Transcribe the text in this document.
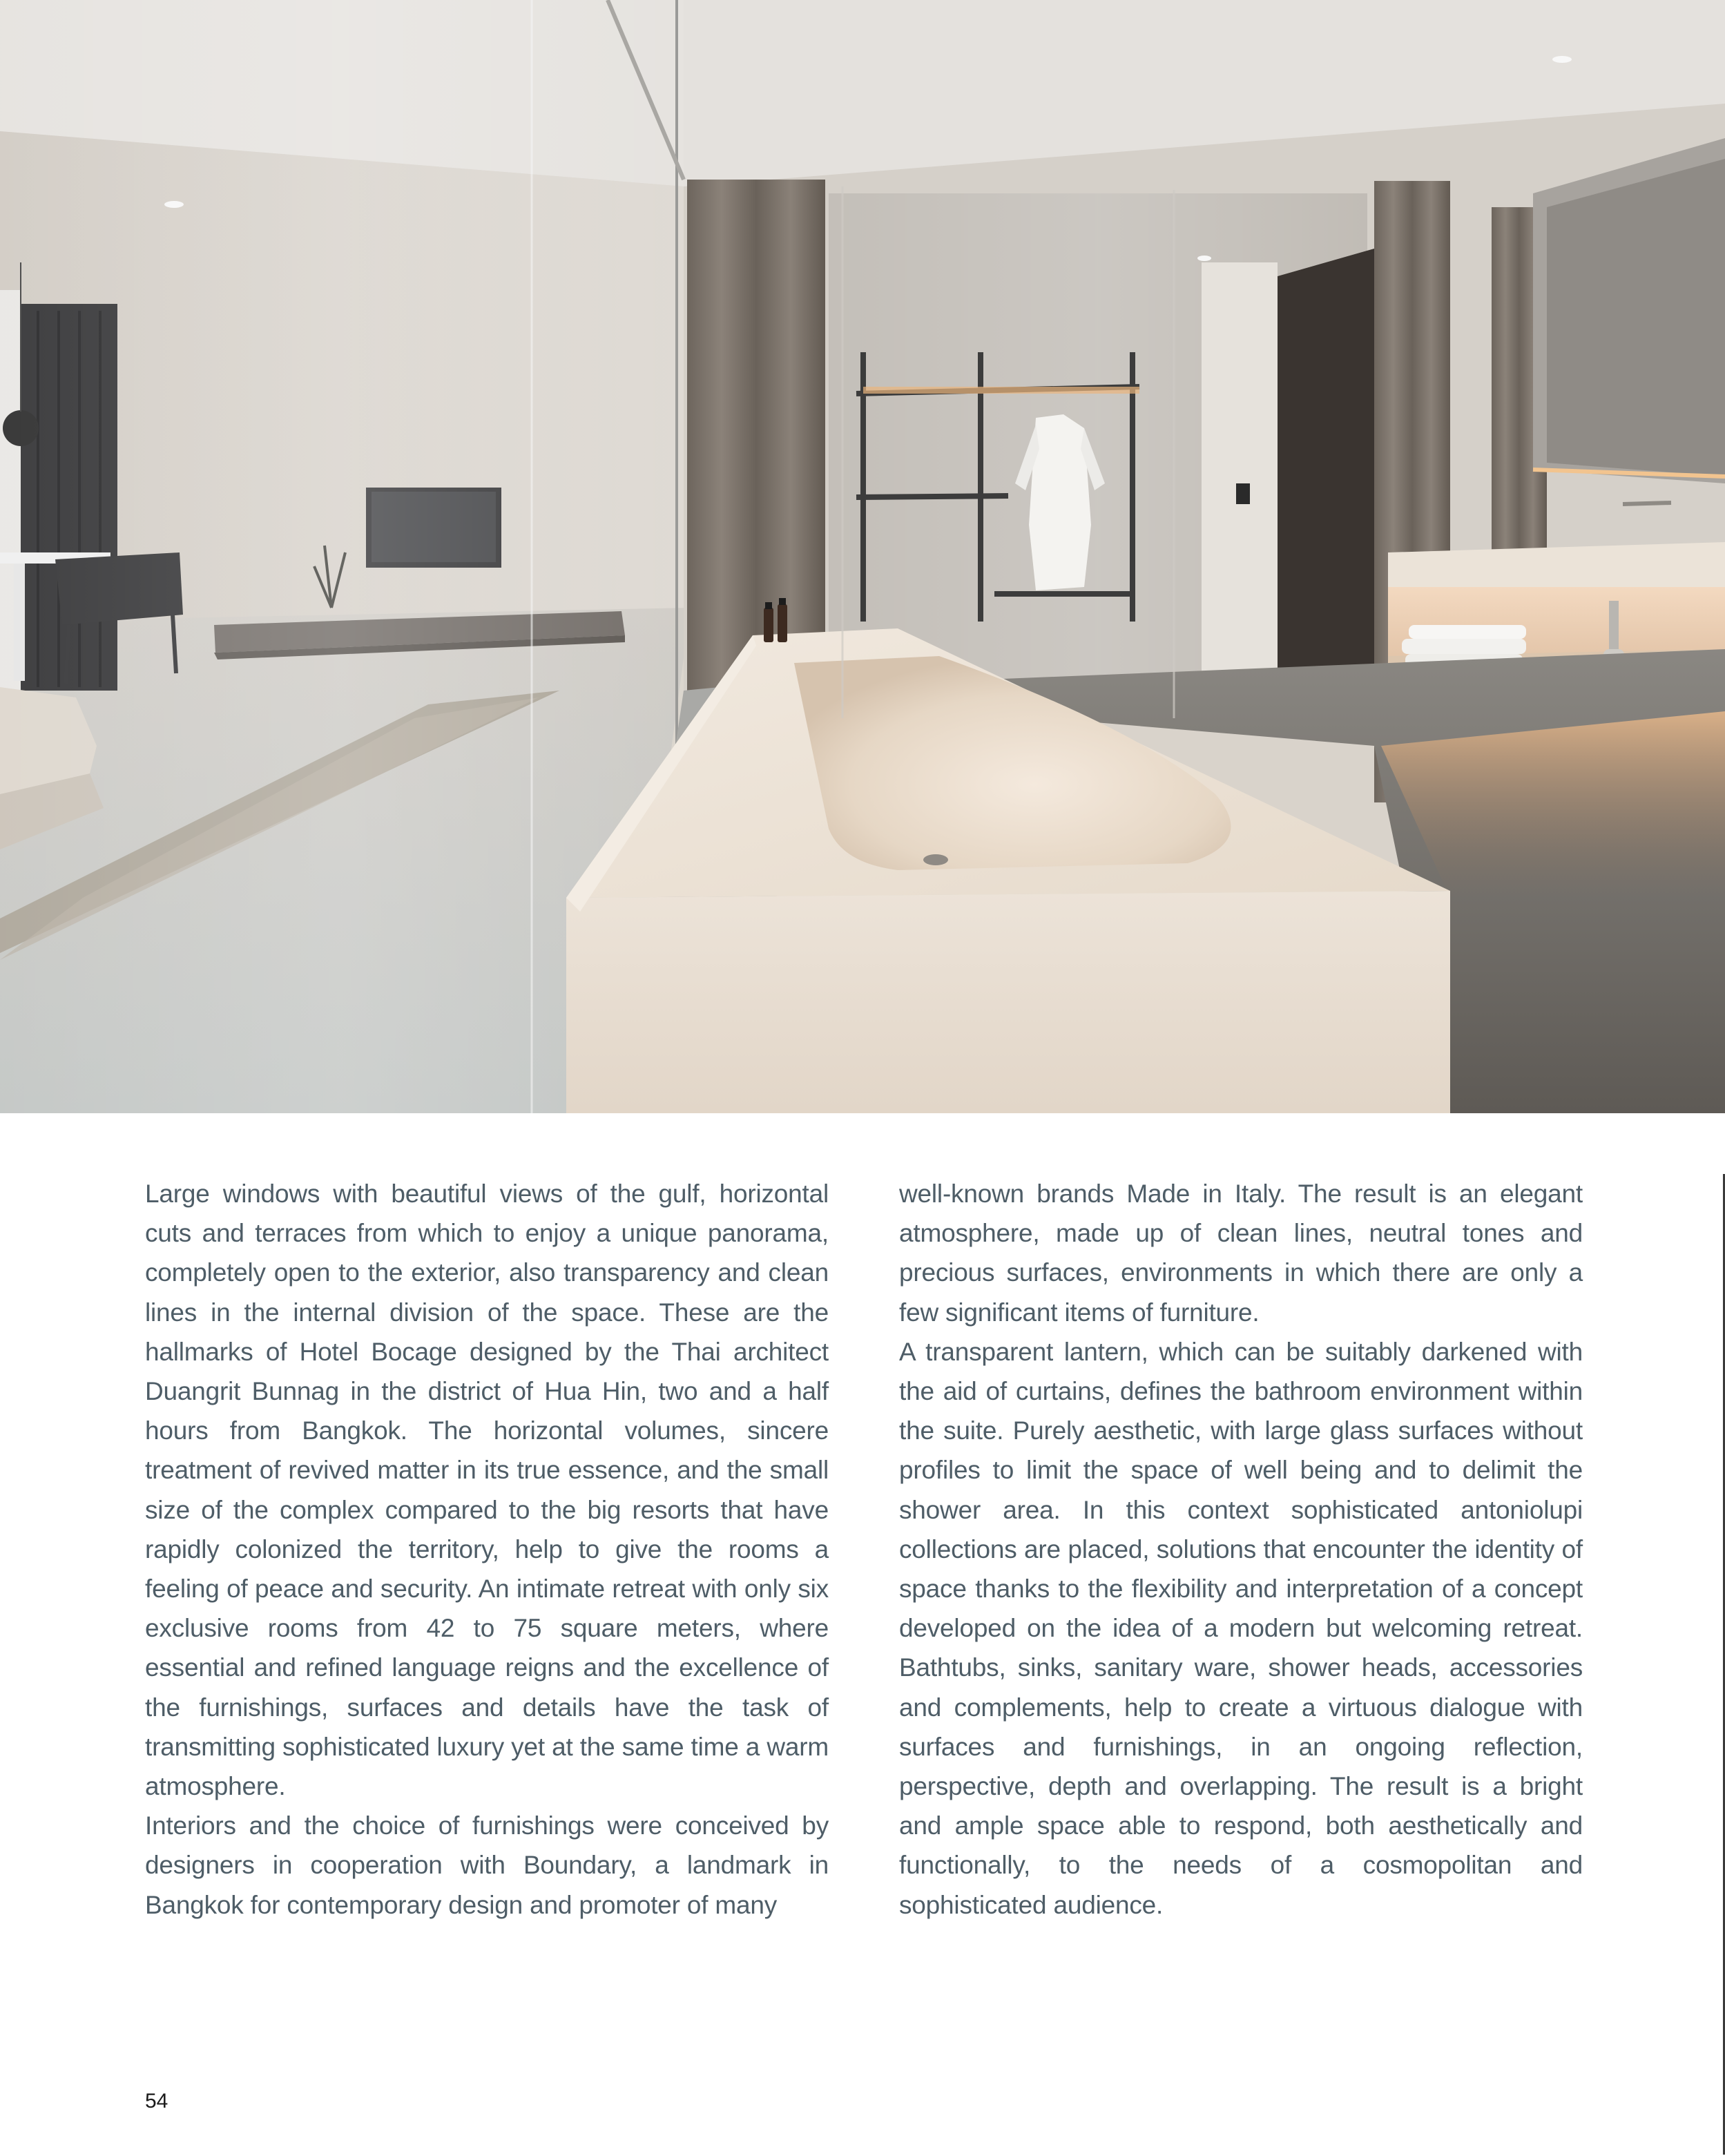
Large windows with beautiful views of the gulf, horizontal cuts and terraces from which to enjoy a unique panorama, completely open to the exterior, also transparency and clean lines in the internal division of the space. These are the hallmarks of Hotel Bocage designed by the Thai architect Duangrit Bunnag in the district of Hua Hin, two and a half hours from Bangkok. The horizontal volumes, sincere treatment of revived matter in its true essence, and the small size of the complex compared to the big resorts that have rapidly colonized the territory, help to give the rooms a feeling of peace and security. An intimate retreat with only six exclusive rooms from 42 to 75 square meters, where essential and refined language reigns and the excellence of the furnishings, surfaces and details have the task of transmitting sophisticated luxury yet at the same time a warm atmosphere.

Interiors and the choice of furnishings were conceived by designers in cooperation with Boundary, a landmark in Bangkok for contemporary design and promoter of many

well-known brands Made in Italy. The result is an elegant atmosphere, made up of clean lines, neutral tones and precious surfaces, environments in which there are only a few significant items of furniture.

A transparent lantern, which can be suitably darkened with the aid of curtains, defines the bathroom environment within the suite. Purely aesthetic, with large glass surfaces without profiles to limit the space of well being and to delimit the shower area. In this context sophisticated antoniolupi collections are placed, solutions that encounter the identity of space thanks to the flexibility and interpretation of a concept developed on the idea of a modern but welcoming retreat. Bathtubs, sinks, sanitary ware, shower heads, accessories and complements, help to create a virtuous dialogue with surfaces and furnishings, in an ongoing reflection, perspective, depth and overlapping. The result is a bright and ample space able to respond, both aesthetically and functionally, to the needs of a cosmopolitan and sophisticated audience.

54
